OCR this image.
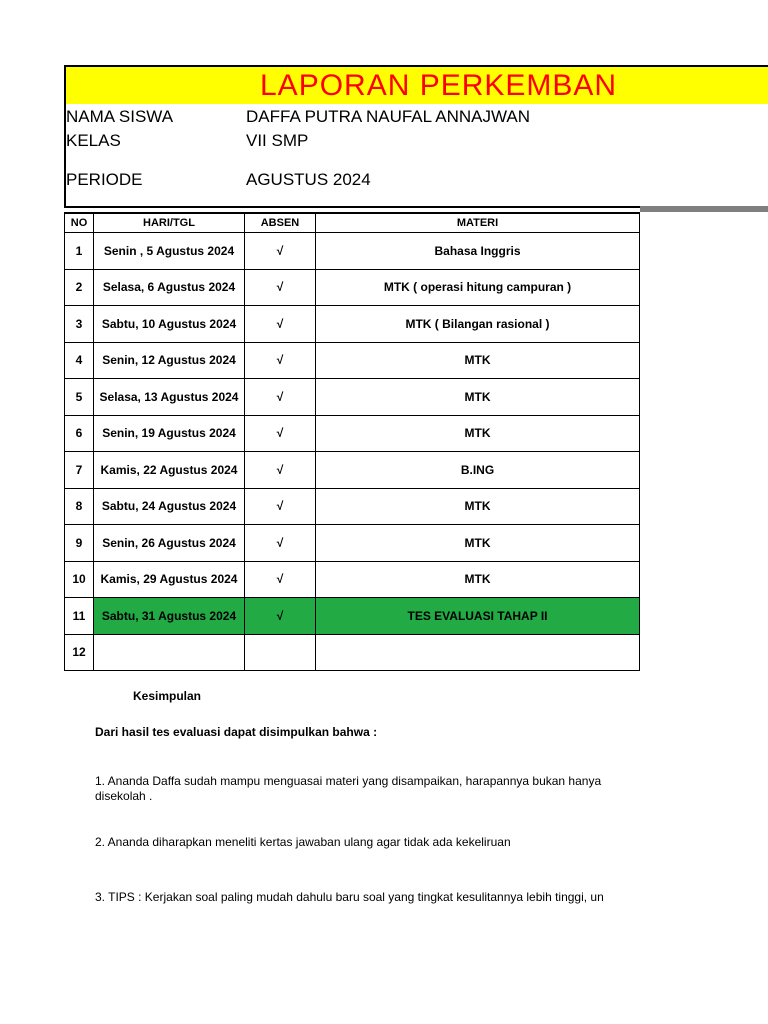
LAPORAN PERKEMBAN
NAMA SISWA	DAFFA PUTRA NAUFAL ANNAJWAN
KELAS	VII SMP
PERIODE	AGUSTUS 2024
NO	HARI/TGL	ABSEN	MATERI
1	Senin , 5 Agustus 2024	√	Bahasa Inggris
2	Selasa, 6 Agustus 2024	√	MTK ( operasi hitung campuran )
3	Sabtu, 10 Agustus 2024	√	MTK ( Bilangan rasional )
4	Senin, 12 Agustus 2024	√	MTK
5	Selasa, 13 Agustus 2024	√	MTK
6	Senin, 19 Agustus 2024	√	MTK
7	Kamis, 22 Agustus 2024	√	B.ING
8	Sabtu, 24 Agustus 2024	√	MTK
9	Senin, 26 Agustus 2024	√	MTK
10	Kamis, 29 Agustus 2024	√	MTK
11	Sabtu, 31 Agustus 2024	√	TES EVALUASI TAHAP II
12			
Kesimpulan
Dari hasil tes evaluasi dapat disimpulkan bahwa :
1. Ananda Daffa sudah mampu menguasai materi yang disampaikan, harapannya bukan hanya
disekolah .
2. Ananda diharapkan meneliti kertas jawaban ulang agar tidak ada kekeliruan
3. TIPS : Kerjakan soal paling mudah dahulu baru soal yang tingkat kesulitannya lebih tinggi, un
